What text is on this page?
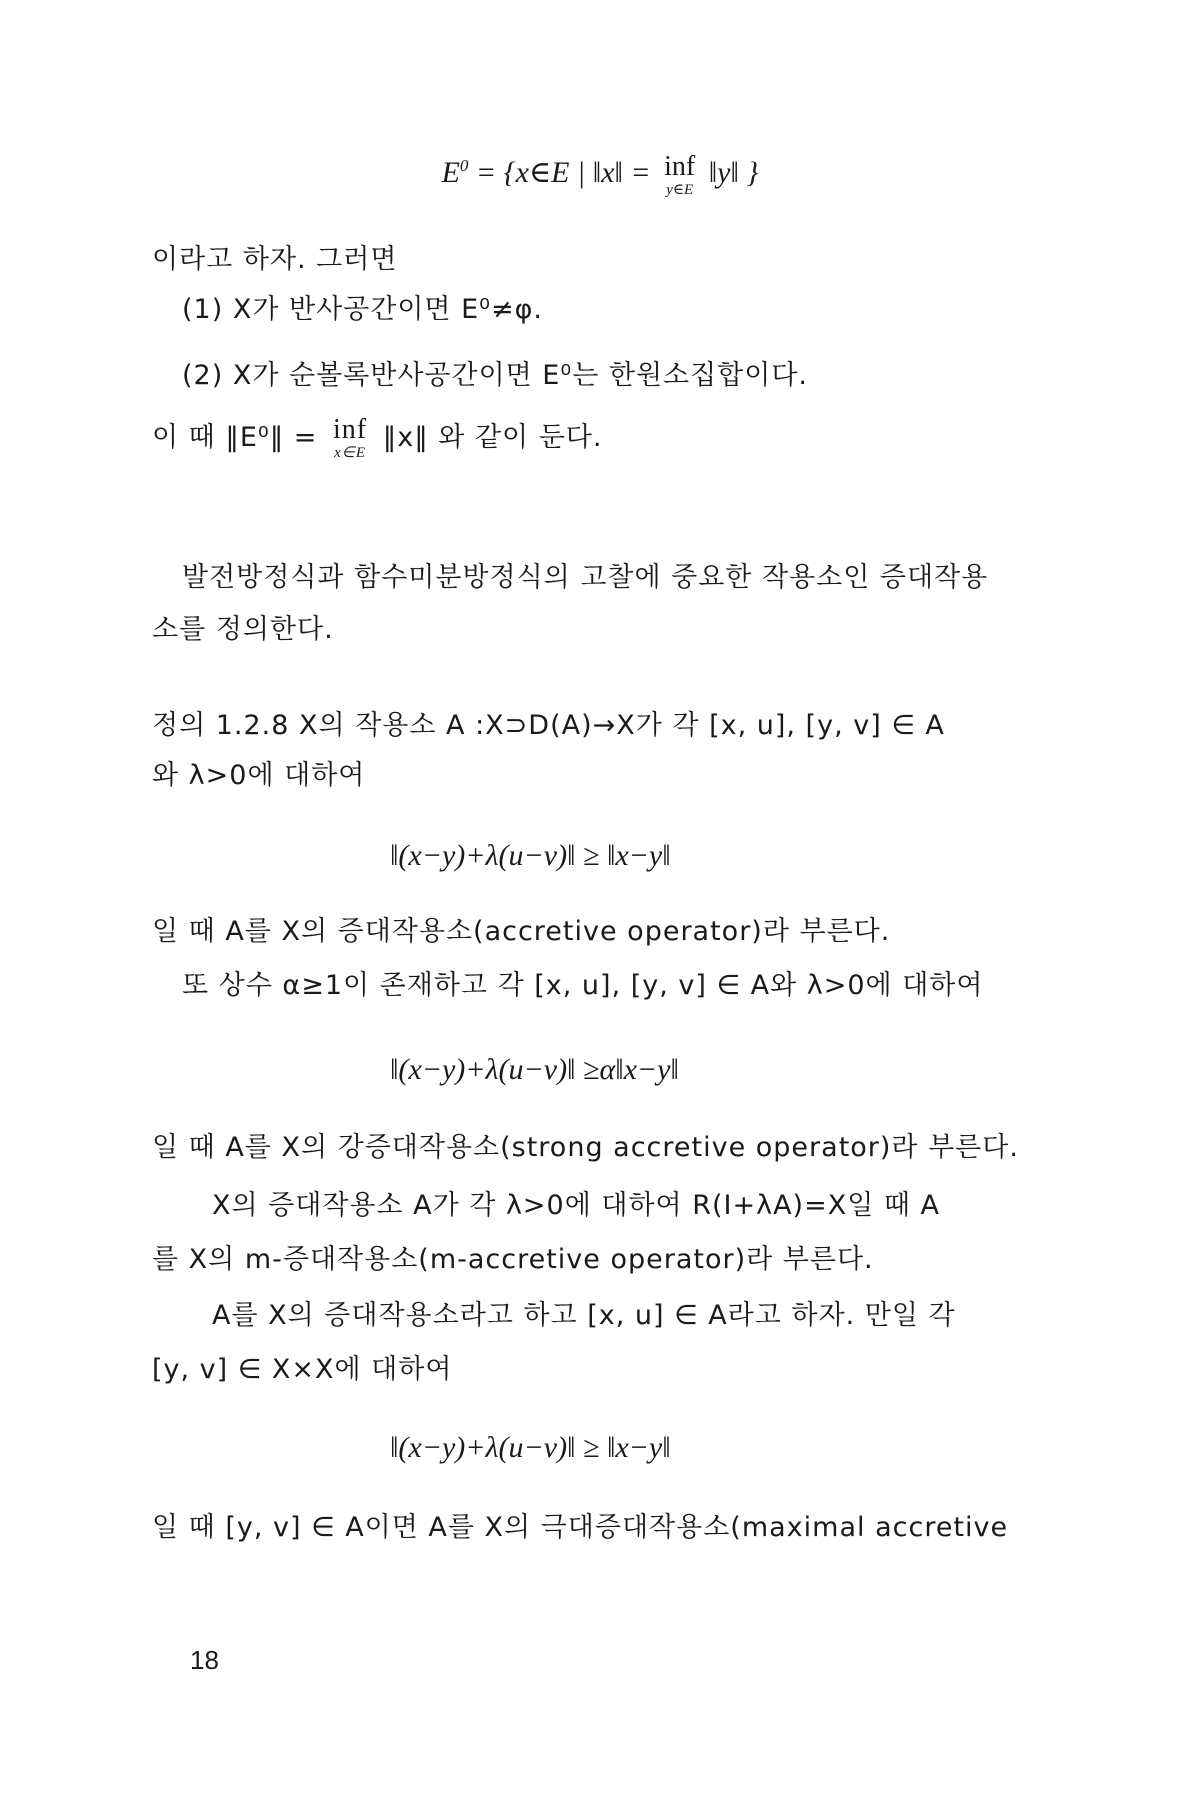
$E^0$ = {x∈E | ‖x‖ = inf
y∈E
‖y‖ }
이라고 하자. 그러면
(1) X가 반사공간이면 E⁰≠φ.
(2) X가 순볼록반사공간이면 E⁰는 한원소집합이다.
이 때 ‖E⁰‖ = inf
x∈E ‖x‖ 와 같이 둔다.
발전방정식과 함수미분방정식의 고찰에 중요한 작용소인 증대작용
소를 정의한다.
정의 1.2.8 X의 작용소 A :X⊃D(A)→X가 각 [x, u], [y, v] ∈ A
와 λ>0에 대하여
‖(x−y)+λ(u−v)‖ ≥ ‖x−y‖
일 때 A를 X의 증대작용소(accretive operator)라 부른다.
또 상수 α≥1이 존재하고 각 [x, u], [y, v] ∈ A와 λ>0에 대하여
‖(x−y)+λ(u−v)‖ ≥α‖x−y‖
일 때 A를 X의 강증대작용소(strong accretive operator)라 부른다.
X의 증대작용소 A가 각 λ>0에 대하여 R(I+λA)=X일 때 A
를 X의 m-증대작용소(m-accretive operator)라 부른다.
A를 X의 증대작용소라고 하고 [x, u] ∈ A라고 하자. 만일 각
[y, v] ∈ X×X에 대하여
‖(x−y)+λ(u−v)‖ ≥ ‖x−y‖
일 때 [y, v] ∈ A이면 A를 X의 극대증대작용소(maximal accretive
18
